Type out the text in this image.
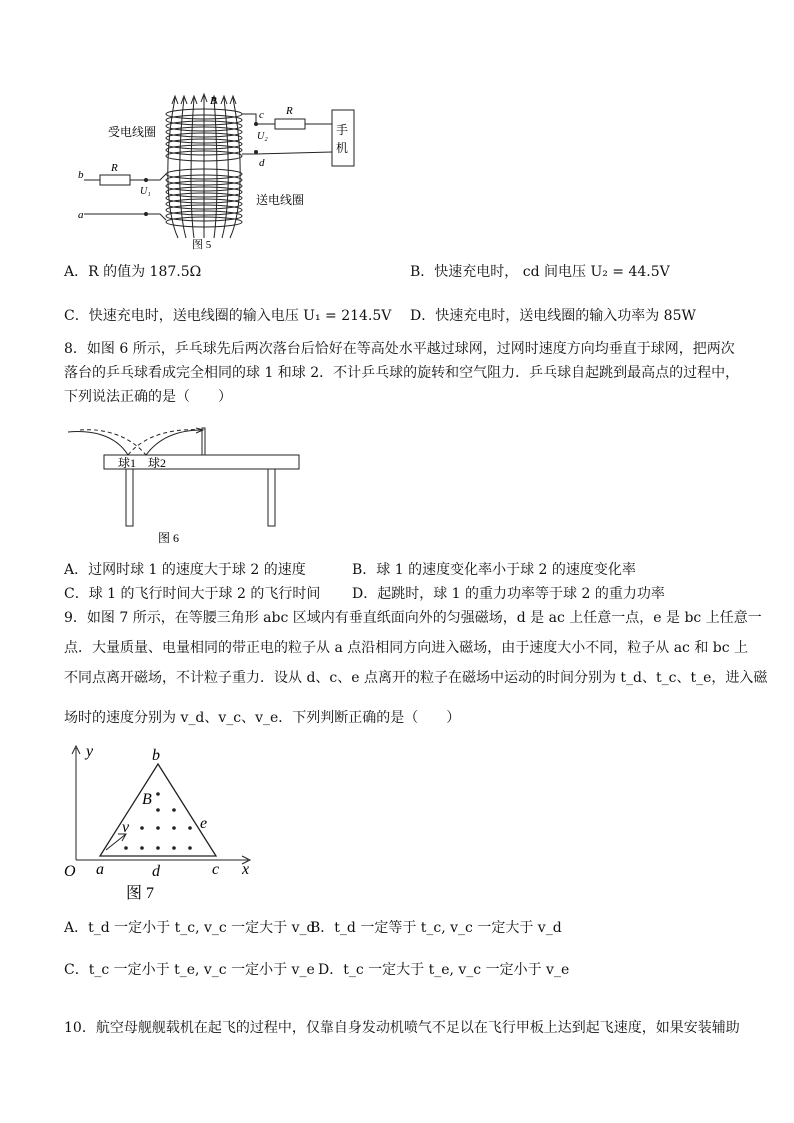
B
c
d
R
U₂
R
U₁
b
a
受电线圈
送电线圈
手
机
图 5
A．R 的值为 187.5Ω	B．快速充电时， cd 间电压 U₂ = 44.5V
C．快速充电时，送电线圈的输入电压 U₁ = 214.5V D．快速充电时，送电线圈的输入功率为 85W
8．如图 6 所示，乒乓球先后两次落台后恰好在等高处水平越过球网，过网时速度方向均垂直于球网，把两次
落台的乒乓球看成完全相同的球 1 和球 2．不计乒乓球的旋转和空气阻力．乒乓球自起跳到最高点的过程中，
下列说法正确的是（　　）
球1 球2
图 6
A．过网时球 1 的速度大于球 2 的速度	B．球 1 的速度变化率小于球 2 的速度变化率
C．球 1 的飞行时间大于球 2 的飞行时间 D．起跳时，球 1 的重力功率等于球 2 的重力功率
9．如图 7 所示，在等腰三角形 abc 区域内有垂直纸面向外的匀强磁场，d 是 ac 上任意一点，e 是 bc 上任意一
点．大量质量、电量相同的带正电的粒子从 a 点沿相同方向进入磁场，由于速度大小不同，粒子从 ac 和 bc 上
不同点离开磁场，不计粒子重力．设从 d、c、e 点离开的粒子在磁场中运动的时间分别为 t_d、t_c、t_e，进入磁
场时的速度分别为 v_d、v_c、v_e．下列判断正确的是（　　）
y	b
B
v	e
O a	d	c x
图 7
A．t_d 一定小于 t_c, v_c 一定大于 v_d
B．t_d 一定等于 t_c, v_c 一定大于 v_d
C．t_c 一定小于 t_e, v_c 一定小于 v_e D．t_c 一定大于 t_e, v_c 一定小于 v_e
10．航空母舰舰载机在起飞的过程中，仅靠自身发动机喷气不足以在飞行甲板上达到起飞速度，如果安装辅助
